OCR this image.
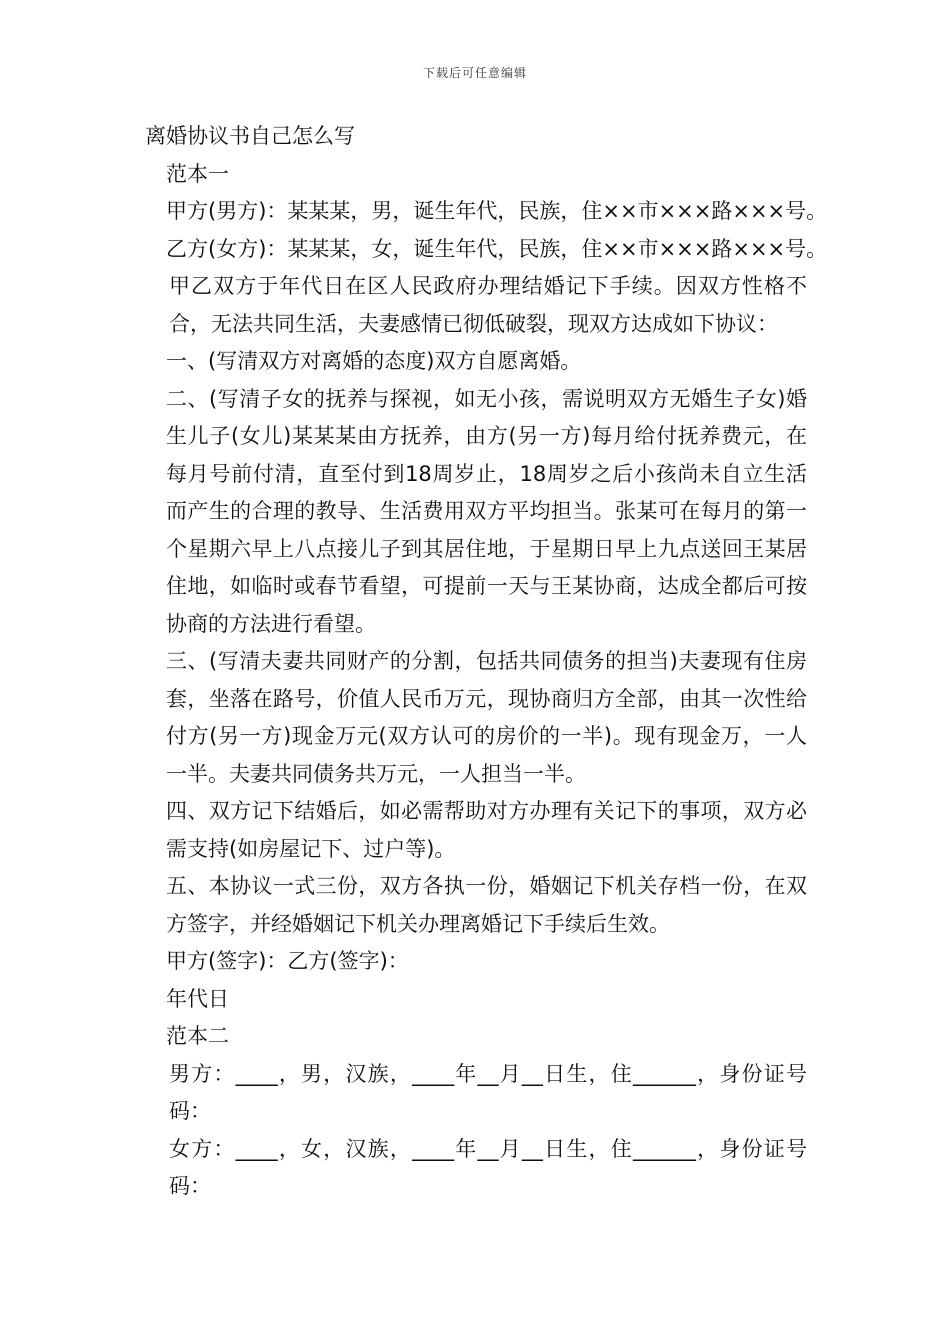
下载后可任意编辑
离婚协议书自己怎么写
范本一
甲方(男方)：某某某，男，诞生年代，民族，住××市×××路×××号。
乙方(女方)：某某某，女，诞生年代，民族，住××市×××路×××号。
甲乙双方于年代日在区人民政府办理结婚记下手续。因双方性格不合，无法共同生活，夫妻感情已彻低破裂，现双方达成如下协议：
一、(写清双方对离婚的态度)双方自愿离婚。
二、(写清子女的抚养与探视，如无小孩，需说明双方无婚生子女)婚生儿子(女儿)某某某由方抚养，由方(另一方)每月给付抚养费元，在每月号前付清，直至付到18周岁止，18周岁之后小孩尚未自立生活而产生的合理的教导、生活费用双方平均担当。张某可在每月的第一个星期六早上八点接儿子到其居住地，于星期日早上九点送回王某居住地，如临时或春节看望，可提前一天与王某协商，达成全都后可按协商的方法进行看望。
三、(写清夫妻共同财产的分割，包括共同债务的担当)夫妻现有住房套，坐落在路号，价值人民币万元，现协商归方全部，由其一次性给付方(另一方)现金万元(双方认可的房价的一半)。现有现金万，一人一半。夫妻共同债务共万元，一人担当一半。
四、双方记下结婚后，如必需帮助对方办理有关记下的事项，双方必需支持(如房屋记下、过户等)。
五、本协议一式三份，双方各执一份，婚姻记下机关存档一份，在双方签字，并经婚姻记下机关办理离婚记下手续后生效。
甲方(签字)：乙方(签字)：
年代日
范本二
男方：____，男，汉族，____年__月__日生，住______，身份证号码：
女方：____，女，汉族，____年__月__日生，住______，身份证号码：
